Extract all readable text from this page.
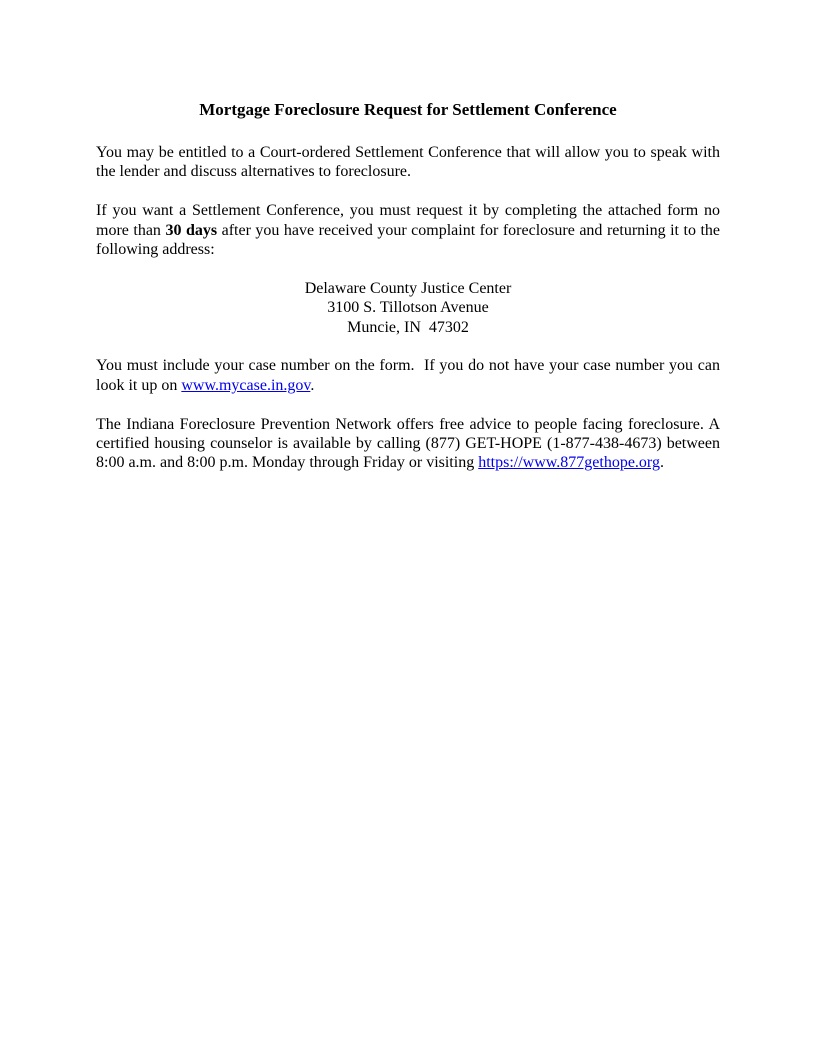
Mortgage Foreclosure Request for Settlement Conference

You may be entitled to a Court-ordered Settlement Conference that will allow you to speak with the lender and discuss alternatives to foreclosure.

If you want a Settlement Conference, you must request it by completing the attached form no more than 30 days after you have received your complaint for foreclosure and returning it to the following address:

Delaware County Justice Center
3100 S. Tillotson Avenue
Muncie, IN  47302

You must include your case number on the form.  If you do not have your case number you can look it up on www.mycase.in.gov.

The Indiana Foreclosure Prevention Network offers free advice to people facing foreclosure. A certified housing counselor is available by calling (877) GET-HOPE (1-877-438-4673) between 8:00 a.m. and 8:00 p.m. Monday through Friday or visiting https://www.877gethope.org.
